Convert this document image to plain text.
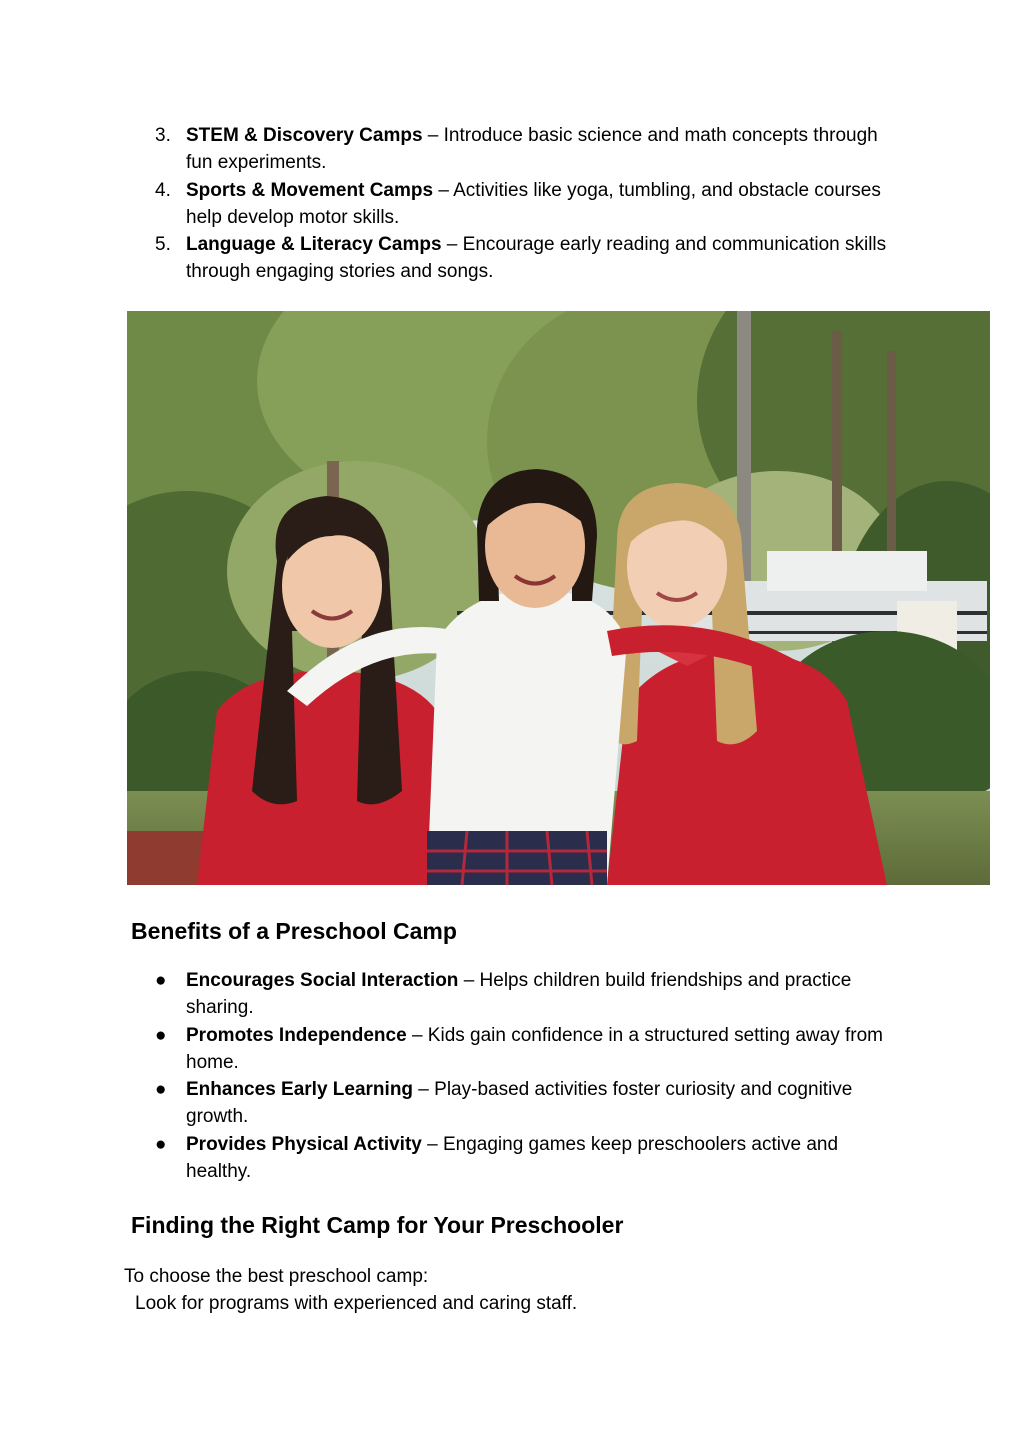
3. STEM & Discovery Camps – Introduce basic science and math concepts through fun experiments.
4. Sports & Movement Camps – Activities like yoga, tumbling, and obstacle courses help develop motor skills.
5. Language & Literacy Camps – Encourage early reading and communication skills through engaging stories and songs.
Benefits of a Preschool Camp
●	Encourages Social Interaction – Helps children build friendships and practice sharing.
●	Promotes Independence – Kids gain confidence in a structured setting away from home.
●	Enhances Early Learning – Play-based activities foster curiosity and cognitive growth.
●	Provides Physical Activity – Engaging games keep preschoolers active and healthy.
Finding the Right Camp for Your Preschooler

To choose the best preschool camp:

Look for programs with experienced and caring staff.
